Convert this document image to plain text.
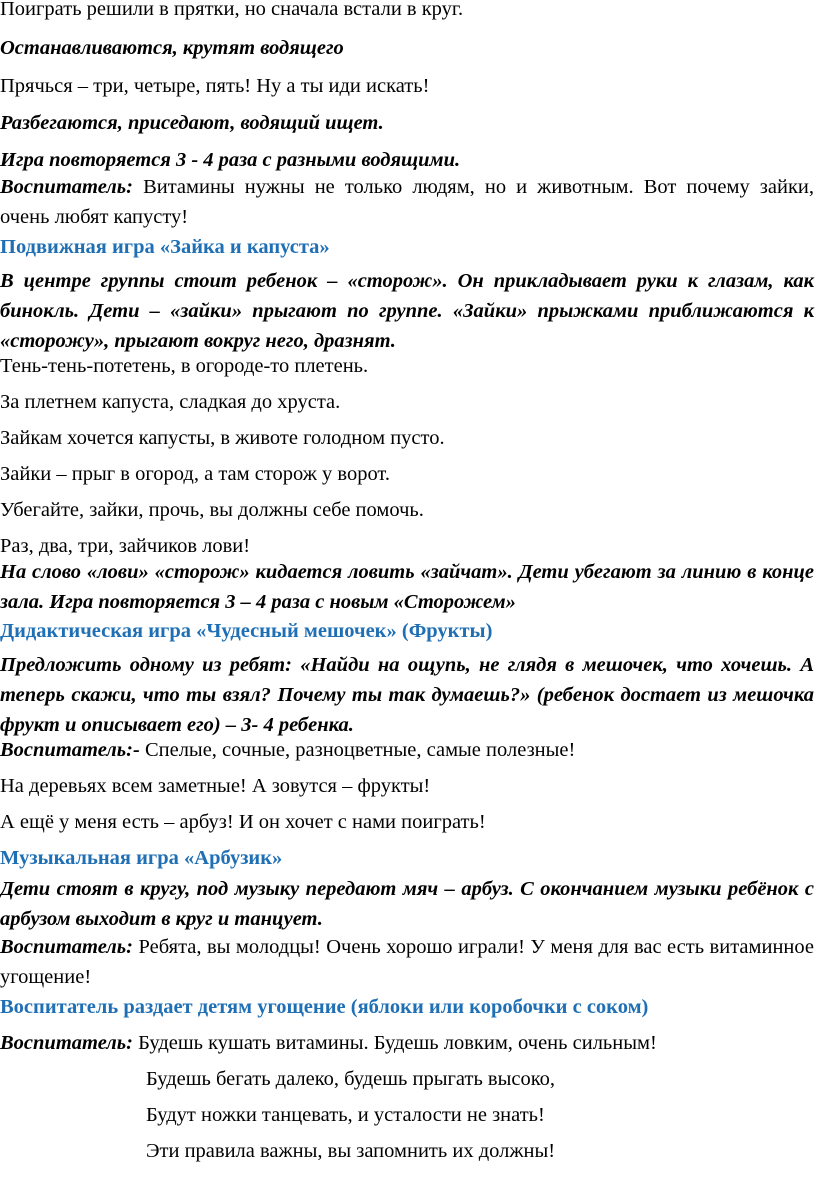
Поиграть решили в прятки, но сначала встали в круг.

Останавливаются, крутят водящего

Прячься – три, четыре, пять! Ну а ты иди искать!

Разбегаются, приседают, водящий ищет.

Игра повторяется 3 - 4 раза с разными водящими.

Воспитатель: Витамины нужны не только людям, но и животным. Вот почему зайки, очень любят капусту!

Подвижная игра «Зайка и капуста»

В центре группы стоит ребенок – «сторож». Он прикладывает руки к глазам, как бинокль. Дети – «зайки» прыгают по группе. «Зайки» прыжками приближаются к «сторожу», прыгают вокруг него, дразнят.

Тень-тень-потетень, в огороде-то плетень.

За плетнем капуста, сладкая до хруста.

Зайкам хочется капусты, в животе голодном пусто.

Зайки – прыг в огород, а там сторож у ворот.

Убегайте, зайки, прочь, вы должны себе помочь.

Раз, два, три, зайчиков лови!

На слово «лови» «сторож» кидается ловить «зайчат». Дети убегают за линию в конце зала. Игра повторяется 3 – 4 раза с новым «Сторожем»

Дидактическая игра «Чудесный мешочек» (Фрукты)

Предложить одному из ребят: «Найди на ощупь, не глядя в мешочек, что хочешь. А теперь скажи, что ты взял? Почему ты так думаешь?» (ребенок достает из мешочка фрукт и описывает его) – 3- 4 ребенка.

Воспитатель:- Спелые, сочные, разноцветные, самые полезные!

На деревьях всем заметные! А зовутся – фрукты!

А ещё у меня есть – арбуз! И он хочет с нами поиграть!

Музыкальная игра «Арбузик»

Дети стоят в кругу, под музыку передают мяч – арбуз. С окончанием музыки ребёнок с арбузом выходит в круг и танцует.

Воспитатель: Ребята, вы молодцы! Очень хорошо играли! У меня для вас есть витаминное угощение!

Воспитатель раздает детям угощение (яблоки или коробочки с соком)

Воспитатель: Будешь кушать витамины. Будешь ловким, очень сильным!

Будешь бегать далеко, будешь прыгать высоко,

Будут ножки танцевать, и усталости не знать!

Эти правила важны, вы запомнить их должны!
